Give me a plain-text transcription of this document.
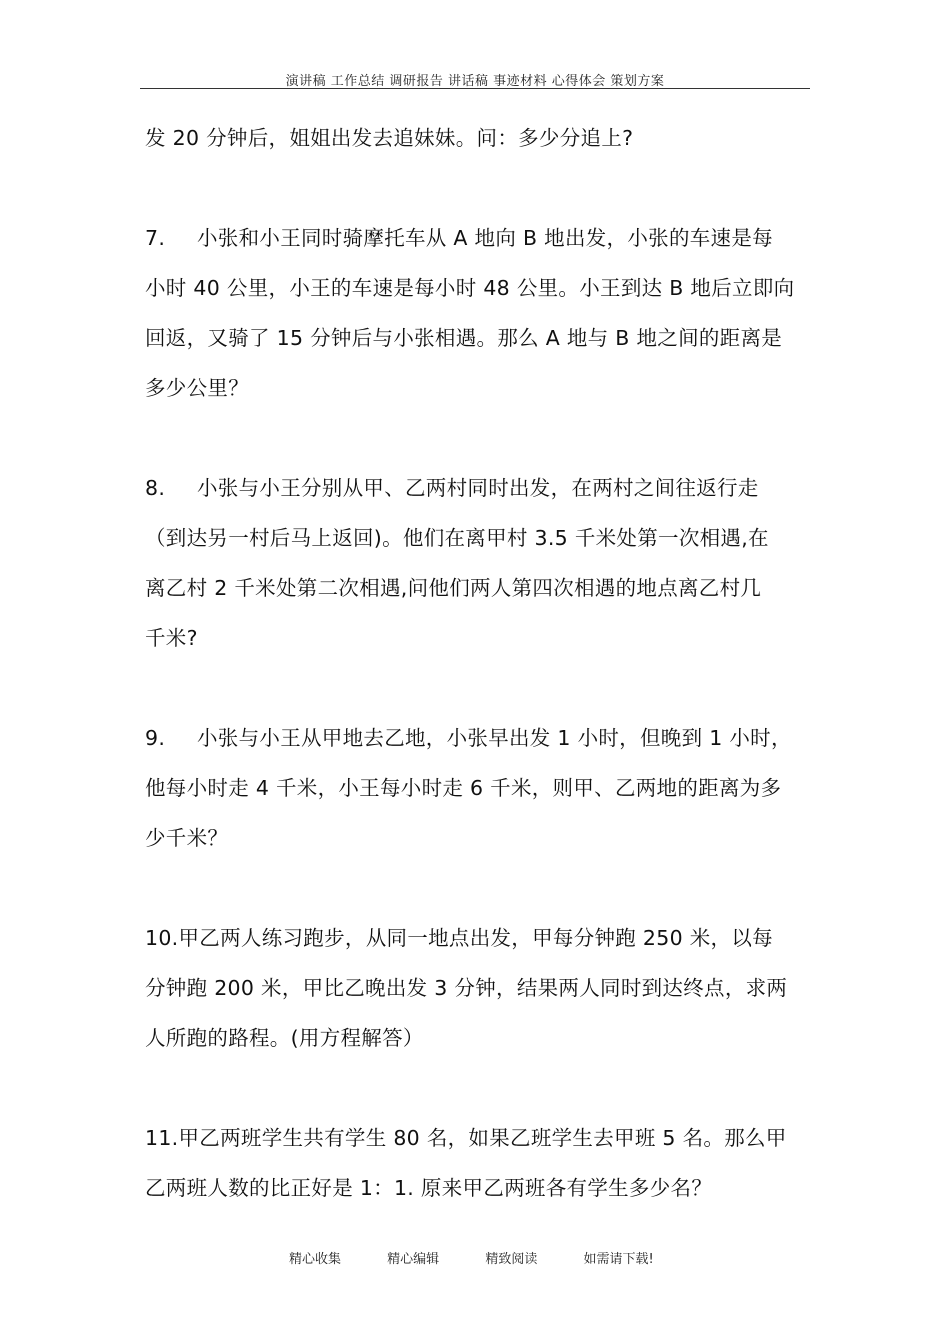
演讲稿 工作总结 调研报告 讲话稿 事迹材料 心得体会 策划方案
发 20 分钟后，姐姐出发去追妹妹。问：多少分追上?
7. 小张和小王同时骑摩托车从 A 地向 B 地出发，小张的车速是每
小时 40 公里，小王的车速是每小时 48 公里。小王到达 B 地后立即向
回返，又骑了 15 分钟后与小张相遇。那么 A 地与 B 地之间的距离是
多少公里？
8. 小张与小王分别从甲、乙两村同时出发，在两村之间往返行走
（到达另一村后马上返回)。他们在离甲村 3.5 千米处第一次相遇,在
离乙村 2 千米处第二次相遇,问他们两人第四次相遇的地点离乙村几
千米?
9. 小张与小王从甲地去乙地，小张早出发 1 小时，但晚到 1 小时，
他每小时走 4 千米，小王每小时走 6 千米，则甲、乙两地的距离为多
少千米？
10.甲乙两人练习跑步，从同一地点出发，甲每分钟跑 250 米，以每
分钟跑 200 米，甲比乙晚出发 3 分钟，结果两人同时到达终点，求两
人所跑的路程。(用方程解答）
11.甲乙两班学生共有学生 80 名，如果乙班学生去甲班 5 名。那么甲
乙两班人数的比正好是 1：1. 原来甲乙两班各有学生多少名？
精心收集	精心编辑	精致阅读	如需请下载!
